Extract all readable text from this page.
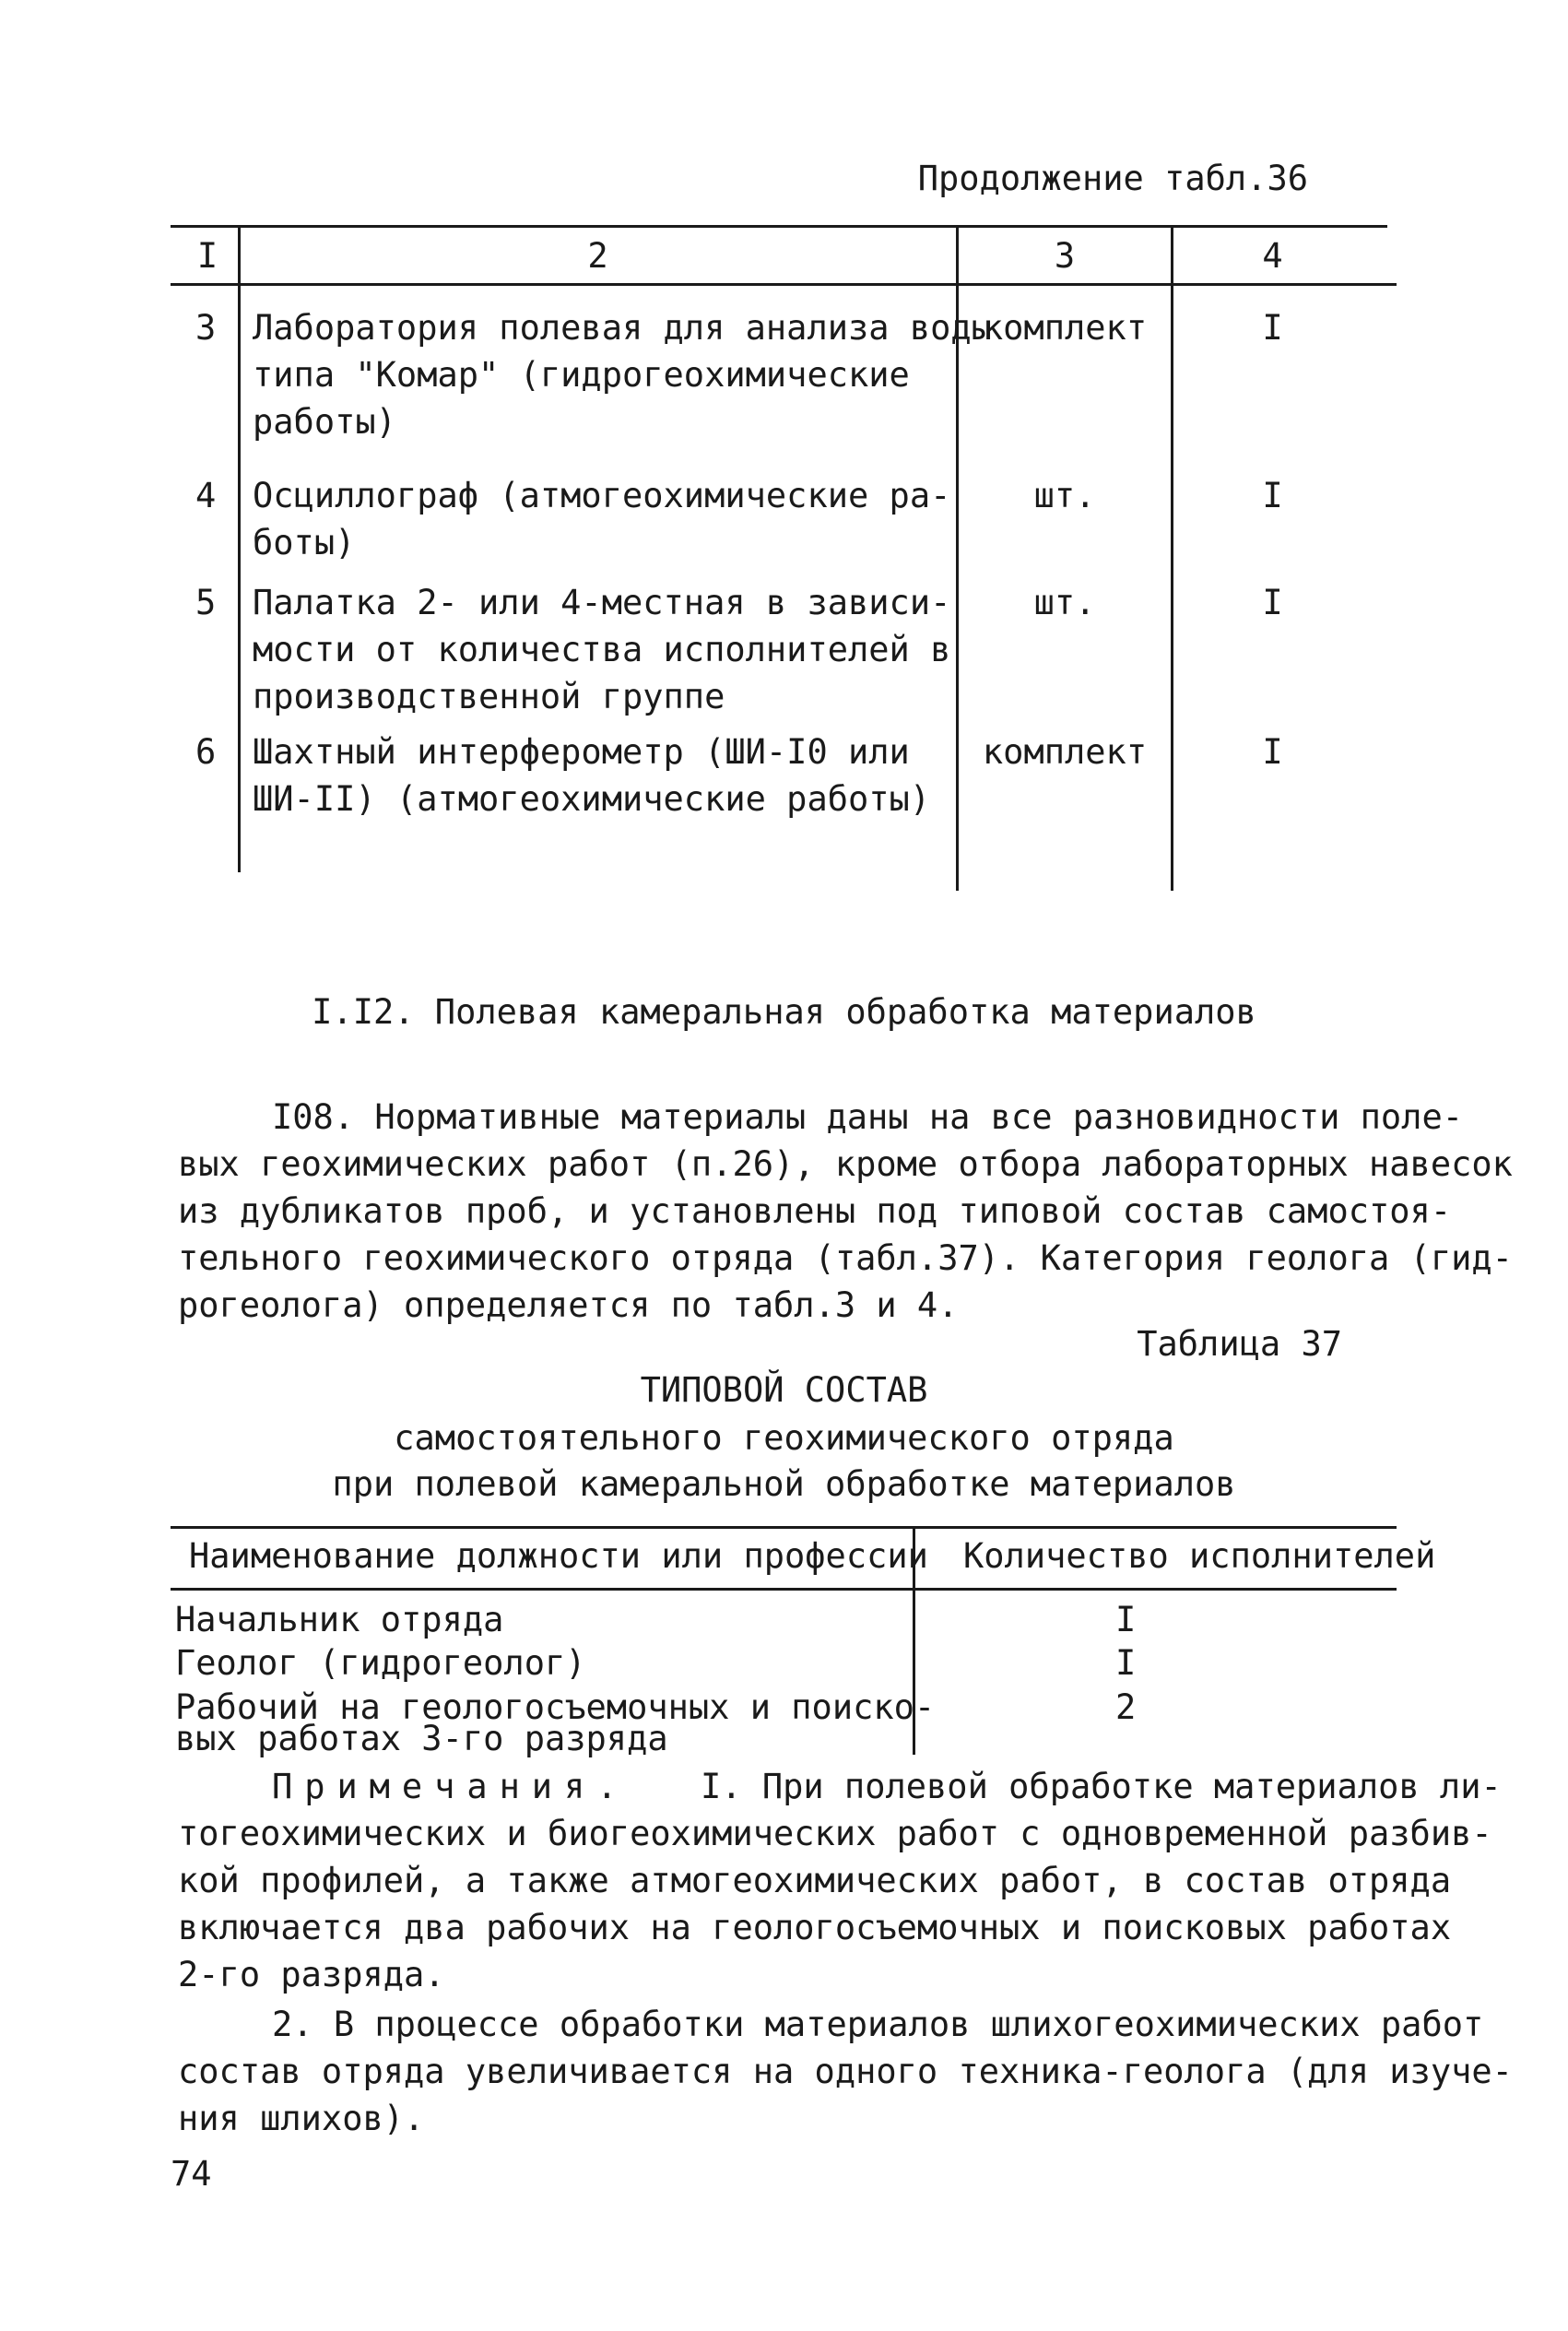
Продолжение табл.36
I	2	3	4
3 Лаборатория полевая для анализа воды
типа "Комар" (гидрогеохимические
работы)
комплект	I
4 Осциллограф (атмогеохимические ра-
боты)
шт.	I
5 Палатка 2- или 4-местная в зависи-
мости от количества исполнителей в
производственной группе
шт.	I
6 Шахтный интерферометр (ШИ-I0 или
ШИ-II) (атмогеохимические работы)
комплект	I
I.I2. Полевая камеральная обработка материалов
I08. Нормативные материалы даны на все разновидности поле-
вых геохимических работ (п.26), кроме отбора лабораторных навесок
из дубликатов проб, и установлены под типовой состав самостоя-
тельного геохимического отряда (табл.37). Категория геолога (гид-
рогеолога) определяется по табл.3 и 4.
Таблица 37
ТИПОВОЙ СОСТАВ
самостоятельного геохимического отряда
при полевой камеральной обработке материалов
Наименование должности или профессии Количество исполнителей
Начальник отряда	I
Геолог (гидрогеолог)	I
Рабочий на геологосъемочных и поиско-
вых работах 3-го разряда
2
Примечания. I. При полевой обработке материалов ли-
тогеохимических и биогеохимических работ с одновременной разбив-
кой профилей, а также атмогеохимических работ, в состав отряда
включается два рабочих на геологосъемочных и поисковых работах
2-го разряда.
2. В процессе обработки материалов шлихогеохимических работ
состав отряда увеличивается на одного техника-геолога (для изуче-
ния шлихов).
74
